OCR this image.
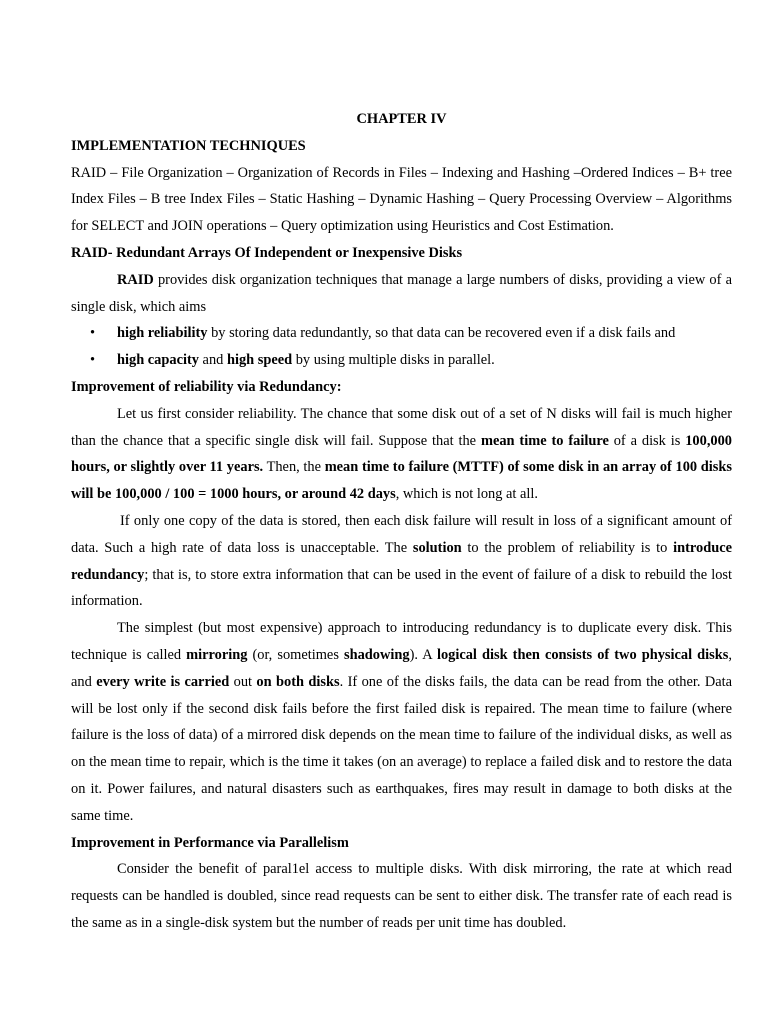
CHAPTER IV
IMPLEMENTATION TECHNIQUES

RAID – File Organization – Organization of Records in Files – Indexing and Hashing –Ordered Indices – B+ tree Index Files – B tree Index Files – Static Hashing – Dynamic Hashing – Query Processing Overview – Algorithms for SELECT and JOIN operations – Query optimization using Heuristics and Cost Estimation.

RAID- Redundant Arrays Of Independent or Inexpensive Disks

RAID provides disk organization techniques that manage a large numbers of disks, providing a view of a single disk, which aims

• high reliability by storing data redundantly, so that data can be recovered even if a disk fails and
• high capacity and high speed by using multiple disks in parallel.
Improvement of reliability via Redundancy:

Let us first consider reliability. The chance that some disk out of a set of N disks will fail is much higher than the chance that a specific single disk will fail. Suppose that the mean time to failure of a disk is 100,000 hours, or slightly over 11 years. Then, the mean time to failure (MTTF) of some disk in an array of 100 disks will be 100,000 / 100 = 1000 hours, or around 42 days, which is not long at all.

If only one copy of the data is stored, then each disk failure will result in loss of a significant amount of data. Such a high rate of data loss is unacceptable. The solution to the problem of reliability is to introduce redundancy; that is, to store extra information that can be used in the event of failure of a disk to rebuild the lost information.

The simplest (but most expensive) approach to introducing redundancy is to duplicate every disk. This technique is called mirroring (or, sometimes shadowing). A logical disk then consists of two physical disks, and every write is carried out on both disks. If one of the disks fails, the data can be read from the other. Data will be lost only if the second disk fails before the first failed disk is repaired. The mean time to failure (where failure is the loss of data) of a mirrored disk depends on the mean time to failure of the individual disks, as well as on the mean time to repair, which is the time it takes (on an average) to replace a failed disk and to restore the data on it. Power failures, and natural disasters such as earthquakes, fires may result in damage to both disks at the same time.

Improvement in Performance via Parallelism

Consider the benefit of paral1el access to multiple disks. With disk mirroring, the rate at which read requests can be handled is doubled, since read requests can be sent to either disk. The transfer rate of each read is the same as in a single-disk system but the number of reads per unit time has doubled.
